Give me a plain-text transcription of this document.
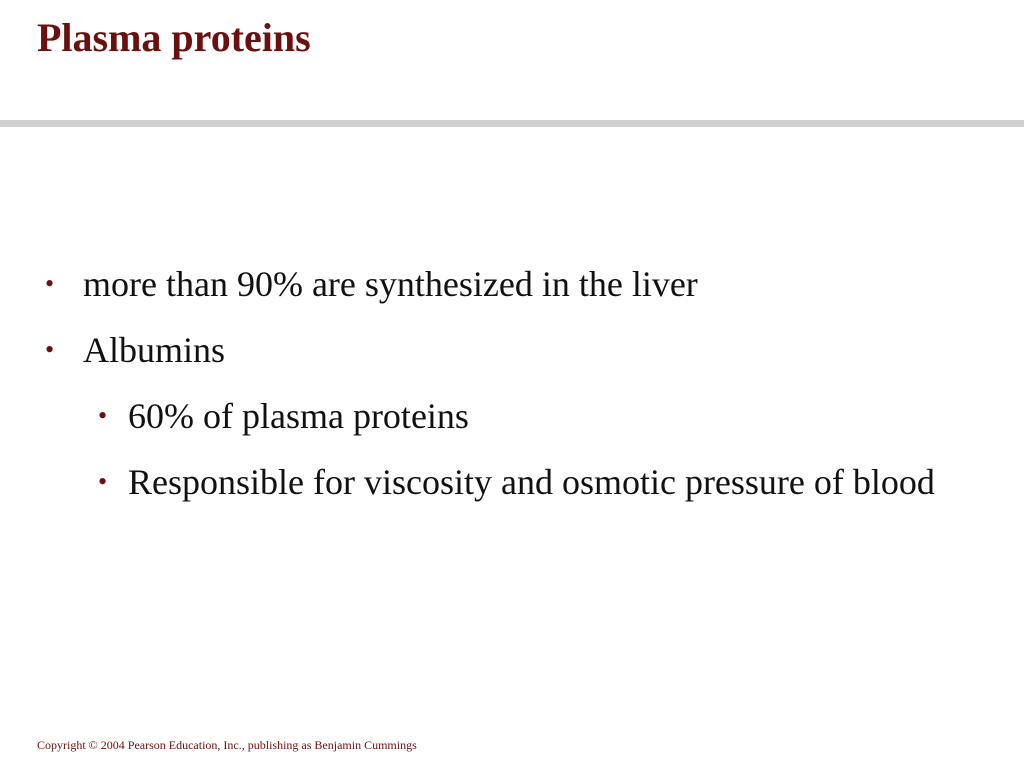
Plasma proteins
• more than 90% are synthesized in the liver
• Albumins
• 60% of plasma proteins
• Responsible for viscosity and osmotic pressure of blood
Copyright © 2004 Pearson Education, Inc., publishing as Benjamin Cummings
